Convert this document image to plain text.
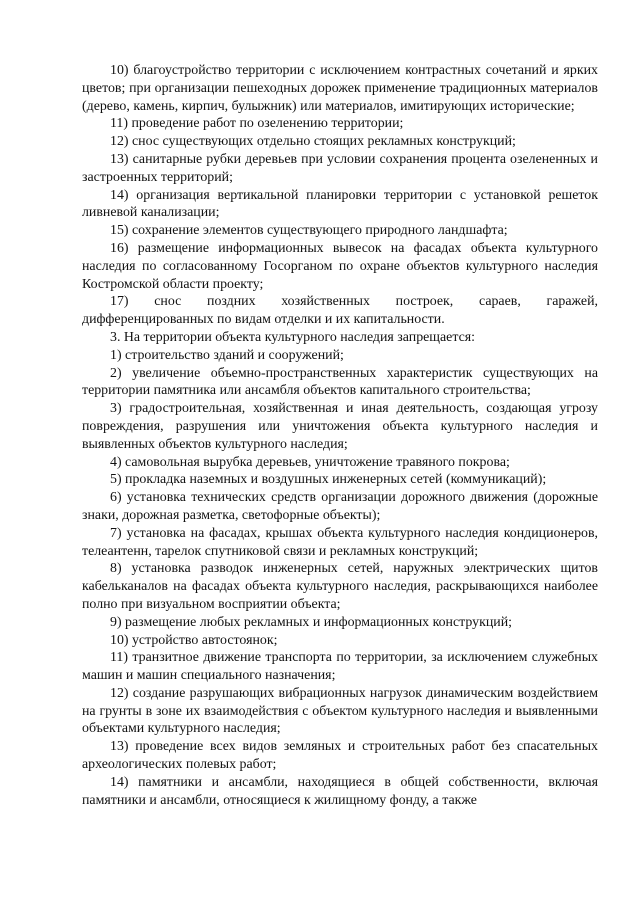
10) благоустройство территории с исключением контрастных сочетаний и ярких цветов; при организации пешеходных дорожек применение традиционных материалов (дерево, камень, кирпич, булыжник) или материалов, имитирующих исторические;

11) проведение работ по озеленению территории;

12) снос существующих отдельно стоящих рекламных конструкций;

13) санитарные рубки деревьев при условии сохранения процента озелененных и застроенных территорий;

14) организация вертикальной планировки территории с установкой решеток ливневой канализации;

15) сохранение элементов существующего природного ландшафта;

16) размещение информационных вывесок на фасадах объекта культурного наследия по согласованному Госорганом по охране объектов культурного наследия Костромской области проекту;

17) снос поздних хозяйственных построек, сараев, гаражей, дифференцированных по видам отделки и их капитальности.

3. На территории объекта культурного наследия запрещается:

1) строительство зданий и сооружений;

2) увеличение объемно-пространственных характеристик существующих на территории памятника или ансамбля объектов капитального строительства;

3) градостроительная, хозяйственная и иная деятельность, создающая угрозу повреждения, разрушения или уничтожения объекта культурного наследия и выявленных объектов культурного наследия;

4) самовольная вырубка деревьев, уничтожение травяного покрова;

5) прокладка наземных и воздушных инженерных сетей (коммуникаций);

6) установка технических средств организации дорожного движения (дорожные знаки, дорожная разметка, светофорные объекты);

7) установка на фасадах, крышах объекта культурного наследия кондиционеров, телеантенн, тарелок спутниковой связи и рекламных конструкций;

8) установка разводок инженерных сетей, наружных электрических щитов кабельканалов на фасадах объекта культурного наследия, раскрывающихся наиболее полно при визуальном восприятии объекта;

9) размещение любых рекламных и информационных конструкций;

10) устройство автостоянок;

11) транзитное движение транспорта по территории, за исключением служебных машин и машин специального назначения;

12) создание разрушающих вибрационных нагрузок динамическим воздействием на грунты в зоне их взаимодействия с объектом культурного наследия и выявленными объектами культурного наследия;

13) проведение всех видов земляных и строительных работ без спасательных археологических полевых работ;

14) памятники и ансамбли, находящиеся в общей собственности, включая памятники и ансамбли, относящиеся к жилищному фонду, а также
